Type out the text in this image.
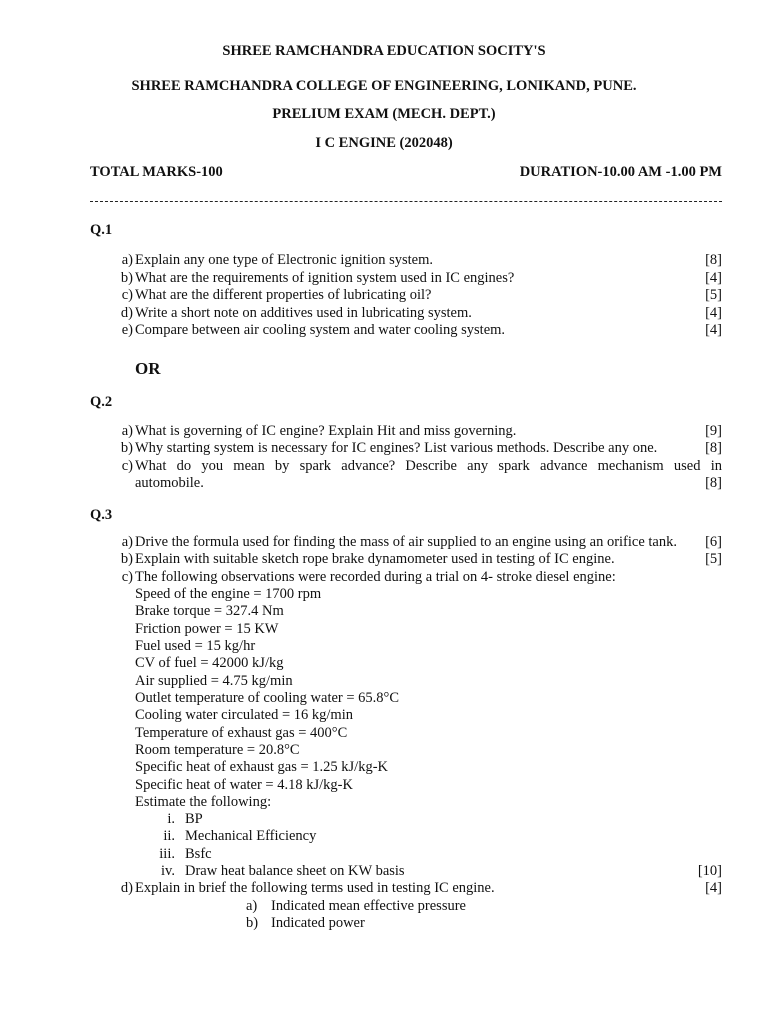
SHREE RAMCHANDRA EDUCATION SOCITY'S
SHREE RAMCHANDRA COLLEGE OF ENGINEERING, LONIKAND, PUNE.
PRELIUM EXAM (MECH. DEPT.)
I C ENGINE (202048)
TOTAL MARKS-100	DURATION-10.00 AM -1.00 PM
Q.1
a) Explain any one type of Electronic ignition system.	[8]
b) What are the requirements of ignition system used in IC engines?	[4]
c) What are the different properties of lubricating oil?	[5]
d) Write a short note on additives used in lubricating system.	[4]
e) Compare between air cooling system and water cooling system.	[4]
OR
Q.2
a) What is governing of IC engine? Explain Hit and miss governing.	[9]
b) Why starting system is necessary for IC engines? List various methods. Describe any one.	[8]
c) What do you mean by spark advance? Describe any spark advance mechanism used in
automobile.	[8]
Q.3
a) Drive the formula used for finding the mass of air supplied to an engine using an orifice tank. [6]
b) Explain with suitable sketch rope brake dynamometer used in testing of IC engine.	[5]
c) The following observations were recorded during a trial on 4- stroke diesel engine:
Speed of the engine = 1700 rpm
Brake torque = 327.4 Nm
Friction power = 15 KW
Fuel used = 15 kg/hr
CV of fuel = 42000 kJ/kg
Air supplied = 4.75 kg/min
Outlet temperature of cooling water = 65.8°C
Cooling water circulated = 16 kg/min
Temperature of exhaust gas = 400°C
Room temperature = 20.8°C
Specific heat of exhaust gas = 1.25 kJ/kg-K
Specific heat of water = 4.18 kJ/kg-K
Estimate the following:
i. BP
ii. Mechanical Efficiency
iii. Bsfc
iv. Draw heat balance sheet on KW basis	[10]
d) Explain in brief the following terms used in testing IC engine.	[4]
a) Indicated mean effective pressure
b) Indicated power
